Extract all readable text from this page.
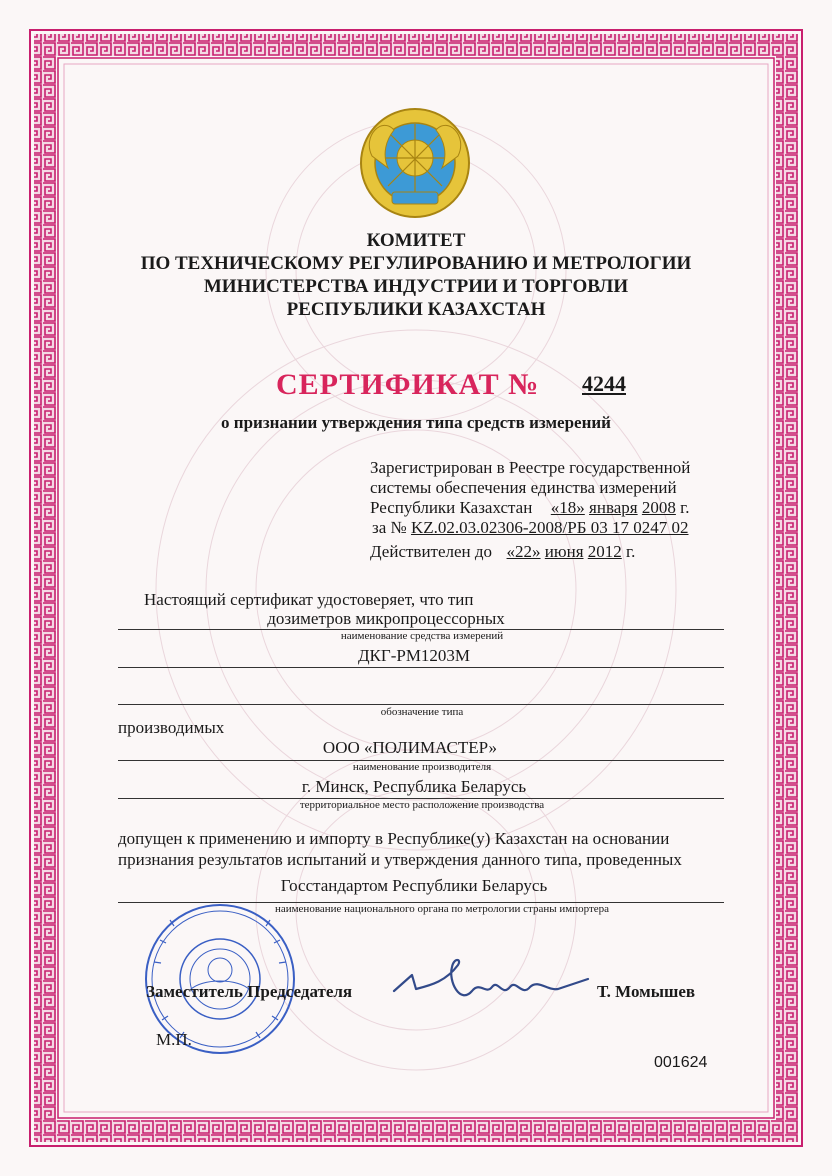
КОМИТЕТ
ПО ТЕХНИЧЕСКОМУ РЕГУЛИРОВАНИЮ И МЕТРОЛОГИИ
МИНИСТЕРСТВА ИНДУСТРИИ И ТОРГОВЛИ
РЕСПУБЛИКИ КАЗАХСТАН
СЕРТИФИКАТ № 4244
о признании утверждения типа средств измерений
Зарегистрирован в Реестре государственной
системы обеспечения единства измерений
Республики Казахстан «18» января 2008 г.
за № KZ.02.03.02306-2008/РБ 03 17 0247 02
Действителен до «22» июня 2012 г.
Настоящий сертификат удостоверяет, что тип
дозиметров микропроцессорных
наименование средства измерений
ДКГ-РМ1203М
обозначение типа
производимых
ООО «ПОЛИМАСТЕР»
наименование производителя
г. Минск, Республика Беларусь
территориальное место расположение производства
допущен к применению и импорту в Республике(у) Казахстан на основании
признания результатов испытаний и утверждения данного типа, проведенных
Госстандартом Республики Беларусь
наименование национального органа по метрологии страны импортера
Заместитель Председателя	Т. Момышев
М.П.
001624
